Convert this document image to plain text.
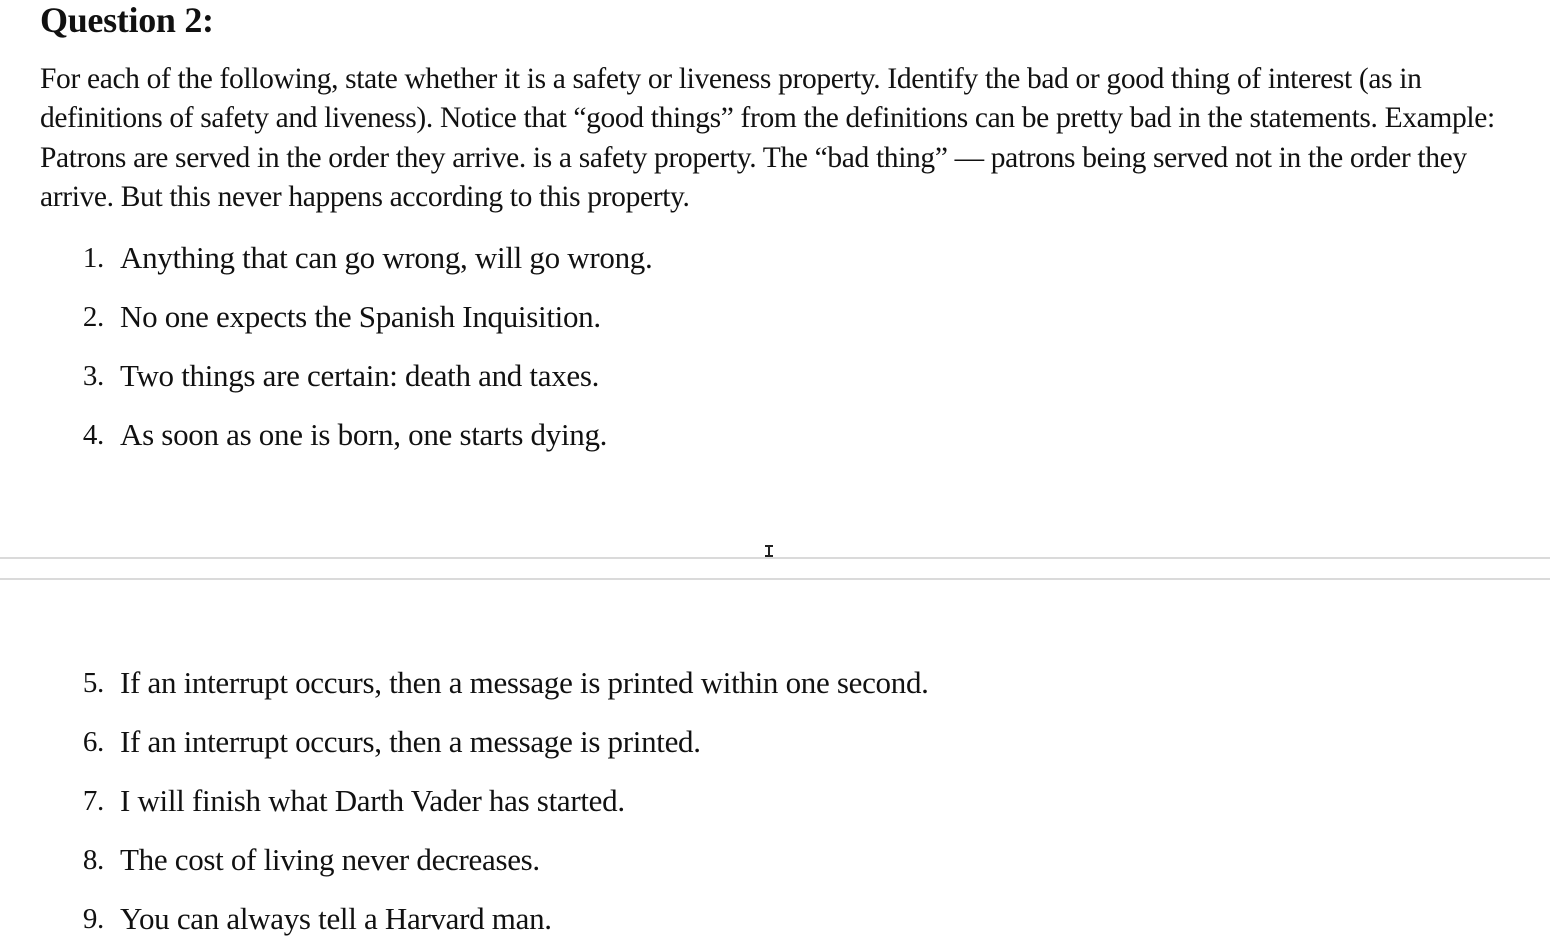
Question 2:

For each of the following, state whether it is a safety or liveness property. Identify the bad or good thing of interest (as in definitions of safety and liveness). Notice that “good things” from the definitions can be pretty bad in the statements. Example: Patrons are served in the order they arrive. is a safety property. The “bad thing” — patrons being served not in the order they arrive. But this never happens according to this property.

1. Anything that can go wrong, will go wrong.
2. No one expects the Spanish Inquisition.
3. Two things are certain: death and taxes.
4. As soon as one is born, one starts dying.
5. If an interrupt occurs, then a message is printed within one second.
6. If an interrupt occurs, then a message is printed.
7. I will finish what Darth Vader has started.
8. The cost of living never decreases.
9. You can always tell a Harvard man.
